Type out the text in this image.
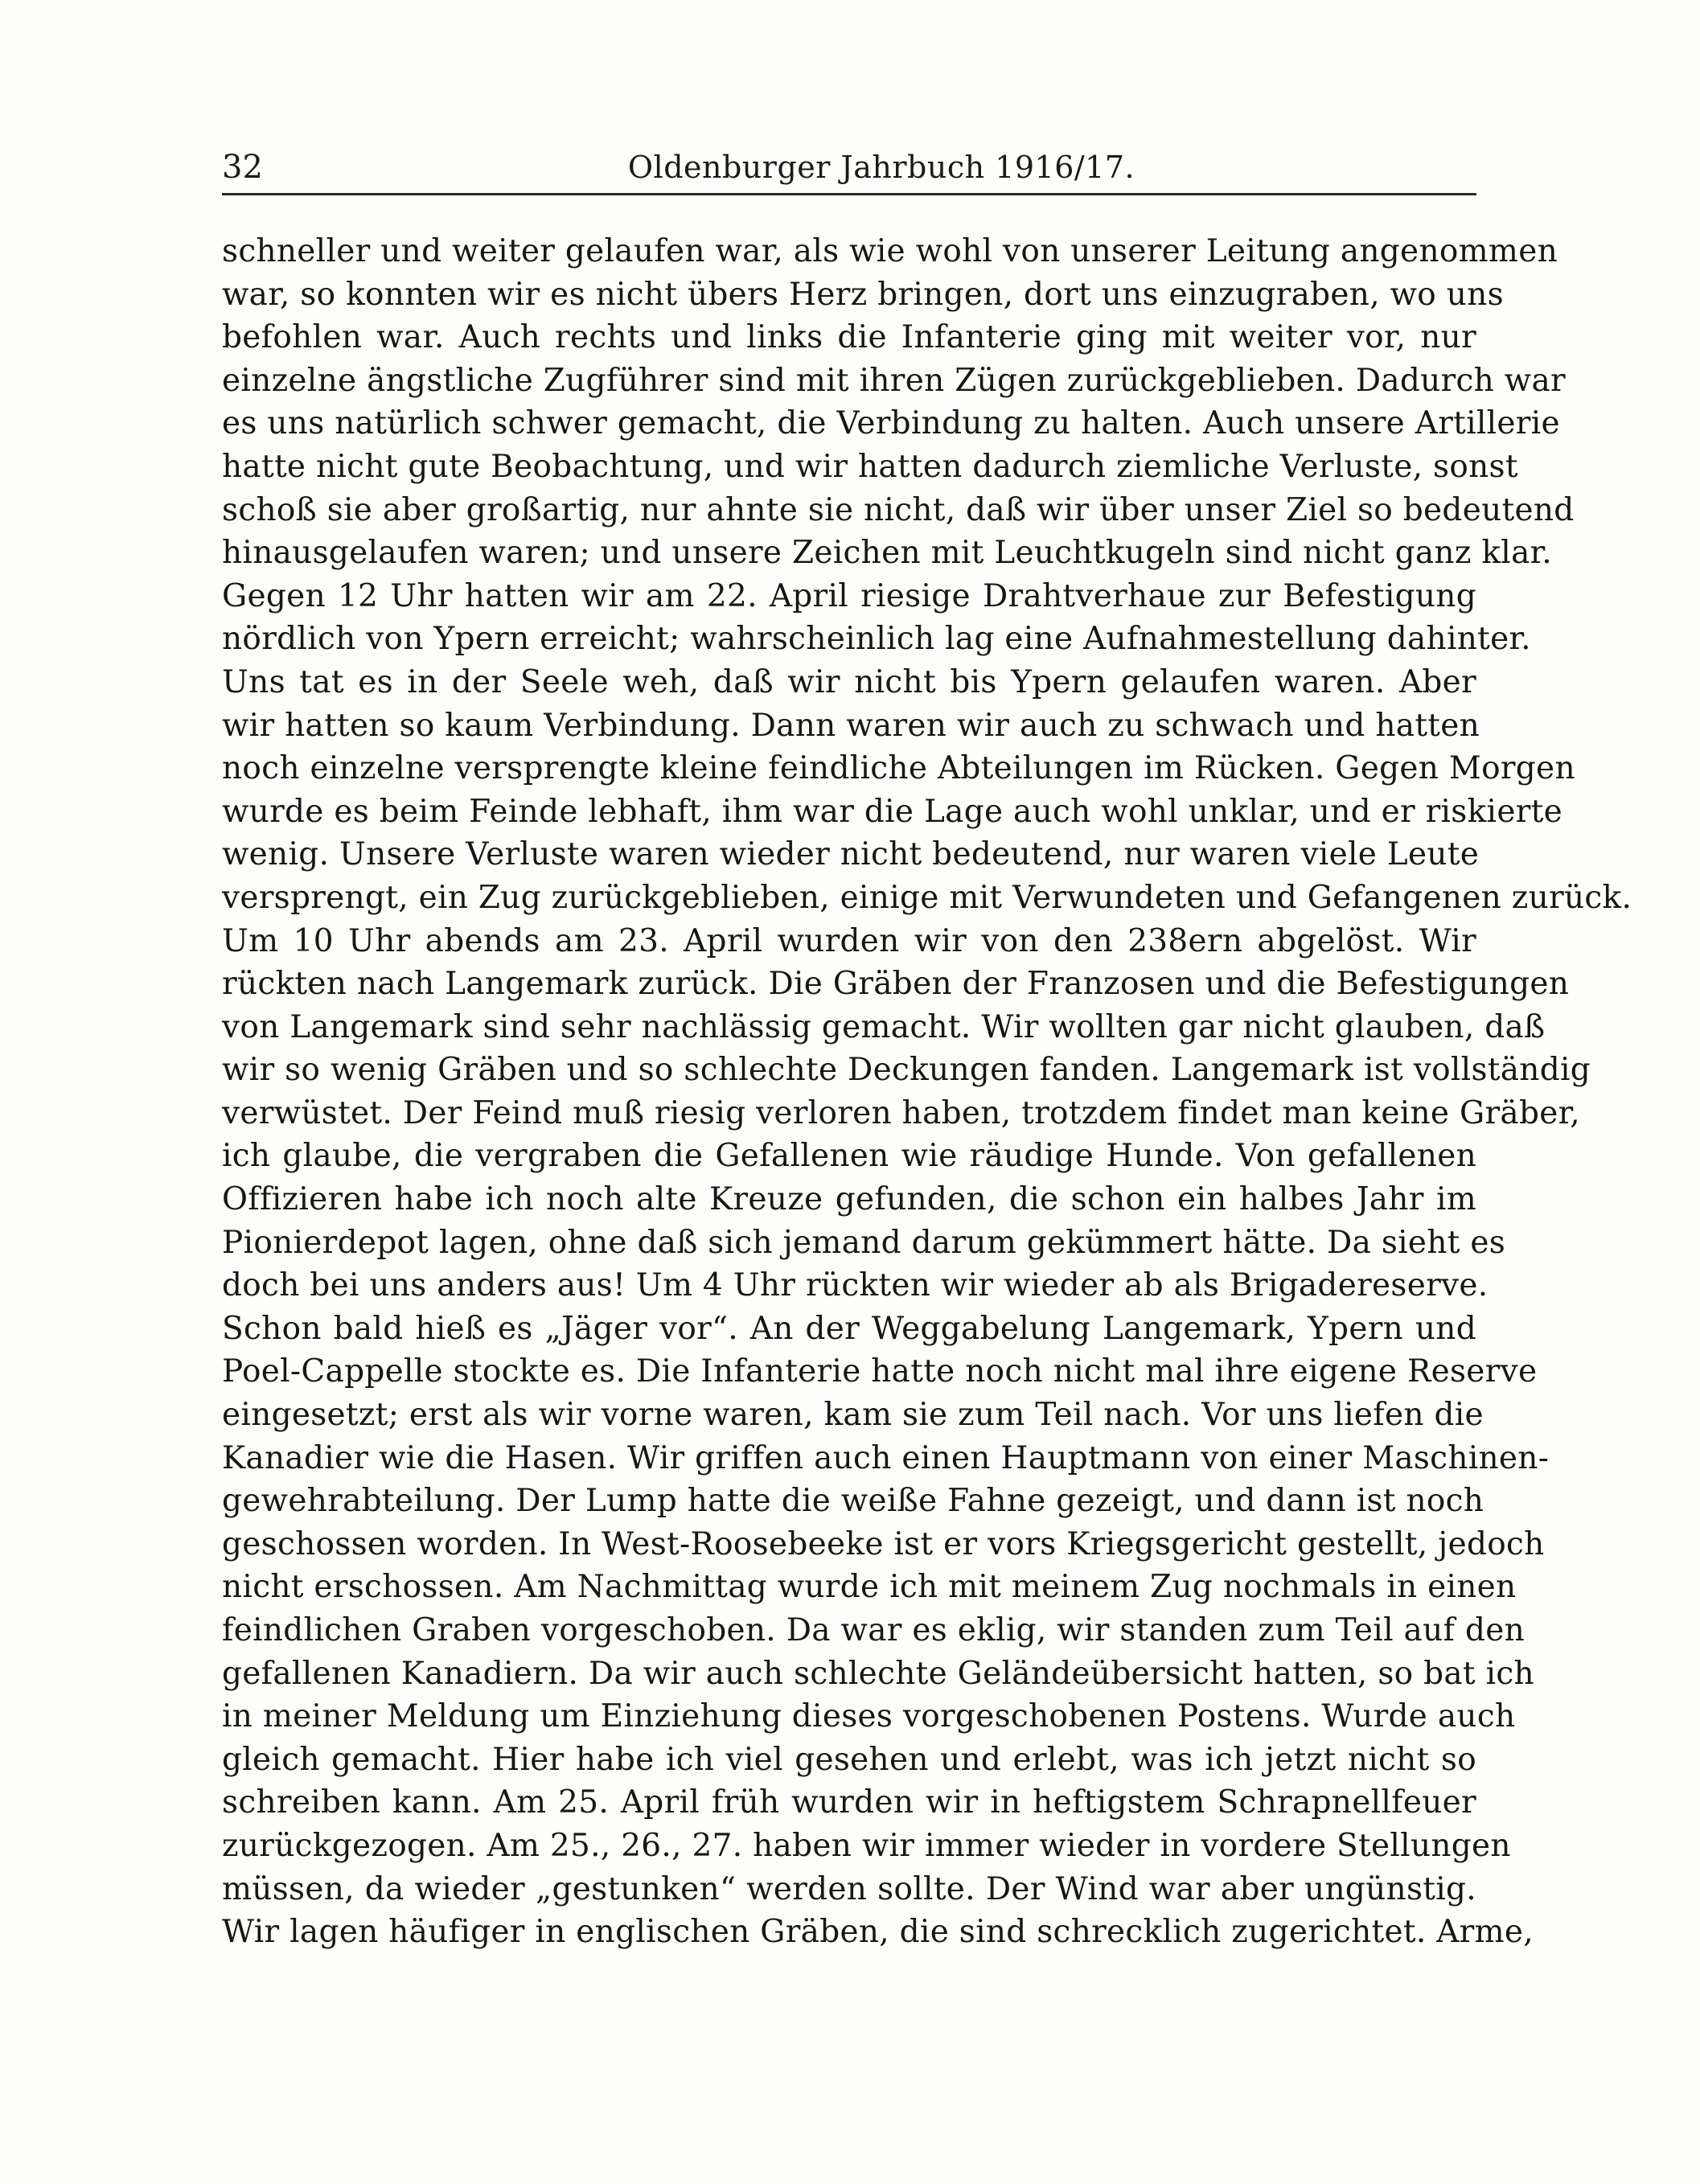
32	Oldenburger Jahrbuch 1916/17.
schneller und weiter gelaufen war, als wie wohl von unserer Leitung angenommen
war, so konnten wir es nicht übers Herz bringen, dort uns einzugraben, wo uns
befohlen war. Auch rechts und links die Infanterie ging mit weiter vor, nur
einzelne ängstliche Zugführer sind mit ihren Zügen zurückgeblieben. Dadurch war
es uns natürlich schwer gemacht, die Verbindung zu halten. Auch unsere Artillerie
hatte nicht gute Beobachtung, und wir hatten dadurch ziemliche Verluste, sonst
schoß sie aber großartig, nur ahnte sie nicht, daß wir über unser Ziel so bedeutend
hinausgelaufen waren; und unsere Zeichen mit Leuchtkugeln sind nicht ganz klar.
Gegen 12 Uhr hatten wir am 22. April riesige Drahtverhaue zur Befestigung
nördlich von Ypern erreicht; wahrscheinlich lag eine Aufnahmestellung dahinter.
Uns tat es in der Seele weh, daß wir nicht bis Ypern gelaufen waren. Aber
wir hatten so kaum Verbindung. Dann waren wir auch zu schwach und hatten
noch einzelne versprengte kleine feindliche Abteilungen im Rücken. Gegen Morgen
wurde es beim Feinde lebhaft, ihm war die Lage auch wohl unklar, und er riskierte
wenig. Unsere Verluste waren wieder nicht bedeutend, nur waren viele Leute
versprengt, ein Zug zurückgeblieben, einige mit Verwundeten und Gefangenen zurück.
Um 10 Uhr abends am 23. April wurden wir von den 238ern abgelöst. Wir
rückten nach Langemark zurück. Die Gräben der Franzosen und die Befestigungen
von Langemark sind sehr nachlässig gemacht. Wir wollten gar nicht glauben, daß
wir so wenig Gräben und so schlechte Deckungen fanden. Langemark ist vollständig
verwüstet. Der Feind muß riesig verloren haben, trotzdem findet man keine Gräber,
ich glaube, die vergraben die Gefallenen wie räudige Hunde. Von gefallenen
Offizieren habe ich noch alte Kreuze gefunden, die schon ein halbes Jahr im
Pionierdepot lagen, ohne daß sich jemand darum gekümmert hätte. Da sieht es
doch bei uns anders aus! Um 4 Uhr rückten wir wieder ab als Brigadereserve.
Schon bald hieß es „Jäger vor“. An der Weggabelung Langemark, Ypern und
Poel-Cappelle stockte es. Die Infanterie hatte noch nicht mal ihre eigene Reserve
eingesetzt; erst als wir vorne waren, kam sie zum Teil nach. Vor uns liefen die
Kanadier wie die Hasen. Wir griffen auch einen Hauptmann von einer Maschinen-
gewehrabteilung. Der Lump hatte die weiße Fahne gezeigt, und dann ist noch
geschossen worden. In West-Roosebeeke ist er vors Kriegsgericht gestellt, jedoch
nicht erschossen. Am Nachmittag wurde ich mit meinem Zug nochmals in einen
feindlichen Graben vorgeschoben. Da war es eklig, wir standen zum Teil auf den
gefallenen Kanadiern. Da wir auch schlechte Geländeübersicht hatten, so bat ich
in meiner Meldung um Einziehung dieses vorgeschobenen Postens. Wurde auch
gleich gemacht. Hier habe ich viel gesehen und erlebt, was ich jetzt nicht so
schreiben kann. Am 25. April früh wurden wir in heftigstem Schrapnellfeuer
zurückgezogen. Am 25., 26., 27. haben wir immer wieder in vordere Stellungen
müssen, da wieder „gestunken“ werden sollte. Der Wind war aber ungünstig.
Wir lagen häufiger in englischen Gräben, die sind schrecklich zugerichtet. Arme,
